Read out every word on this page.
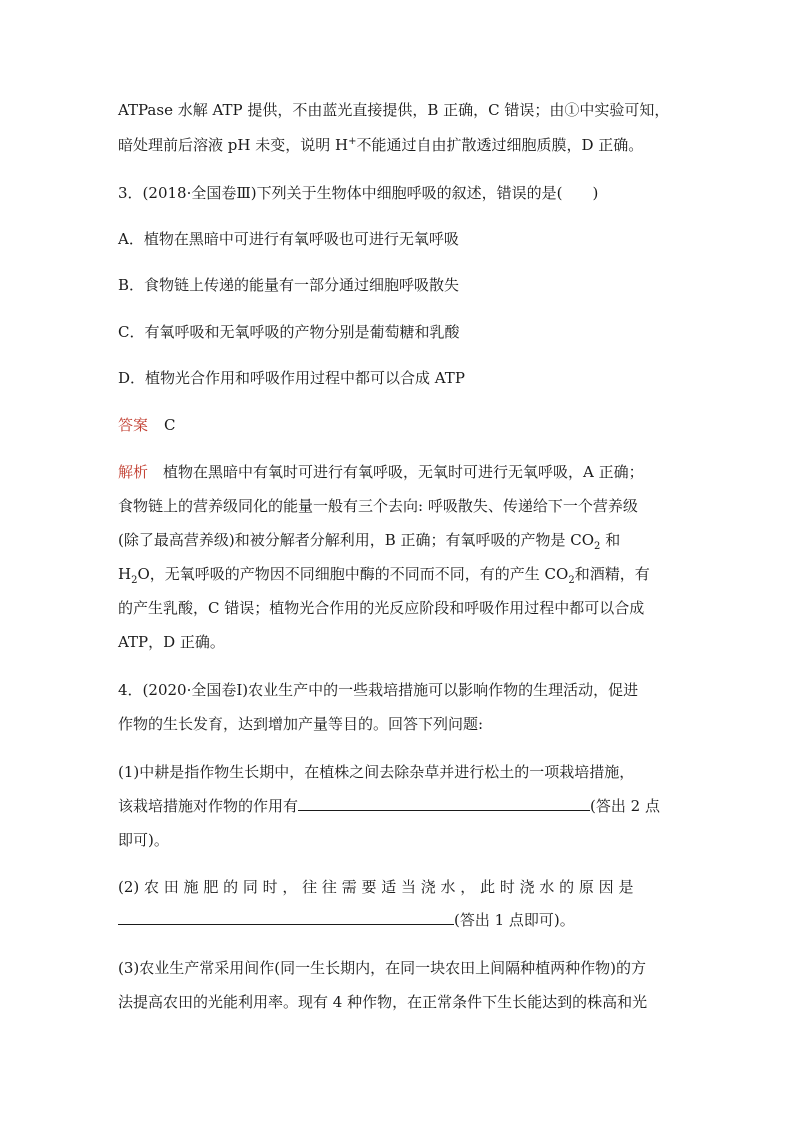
ATPase 水解 ATP 提供，不由蓝光直接提供，B 正确，C 错误；由①中实验可知，
暗处理前后溶液 pH 未变，说明 H+不能通过自由扩散透过细胞质膜，D 正确。
3．(2018·全国卷Ⅲ)下列关于生物体中细胞呼吸的叙述，错误的是(　　)
A．植物在黑暗中可进行有氧呼吸也可进行无氧呼吸
B．食物链上传递的能量有一部分通过细胞呼吸散失
C．有氧呼吸和无氧呼吸的产物分别是葡萄糖和乳酸
D．植物光合作用和呼吸作用过程中都可以合成 ATP
答案 C
解析　植物在黑暗中有氧时可进行有氧呼吸，无氧时可进行无氧呼吸，A 正确；
食物链上的营养级同化的能量一般有三个去向: 呼吸散失、传递给下一个营养级
(除了最高营养级)和被分解者分解利用，B 正确；有氧呼吸的产物是 $CO_2$ 和
$H_2O$，无氧呼吸的产物因不同细胞中酶的不同而不同，有的产生 $CO_2$和酒精，有
的产生乳酸，C 错误；植物光合作用的光反应阶段和呼吸作用过程中都可以合成
ATP，D 正确。
4．(2020·全国卷Ⅰ)农业生产中的一些栽培措施可以影响作物的生理活动，促进
作物的生长发育，达到增加产量等目的。回答下列问题:
(1)中耕是指作物生长期中，在植株之间去除杂草并进行松土的一项栽培措施，
该栽培措施对作物的作用有	(答出 2 点
即可)。
(2) 农 田 施 肥 的 同 时 ， 往 往 需 要 适 当 浇 水 ， 此 时 浇 水 的 原 因 是
(答出 1 点即可)。
(3)农业生产常采用间作(同一生长期内，在同一块农田上间隔种植两种作物)的方
法提高农田的光能利用率。现有 4 种作物，在正常条件下生长能达到的株高和光
